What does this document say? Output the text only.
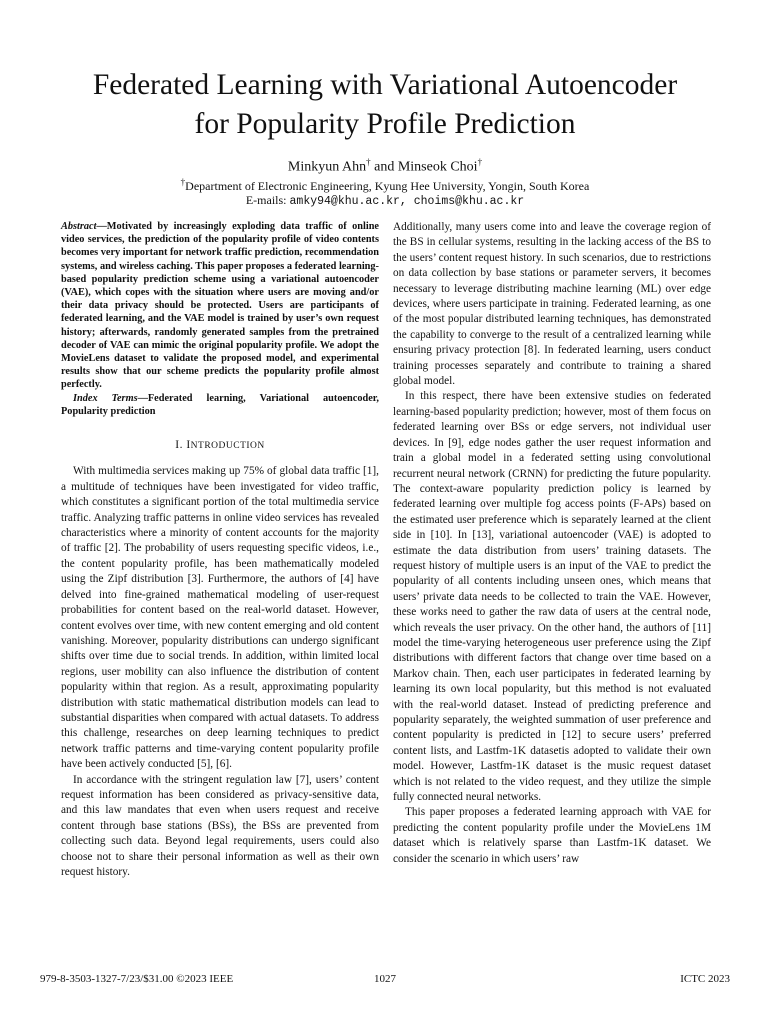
Federated Learning with Variational Autoencoder
for Popularity Profile Prediction
Minkyun Ahn† and Minseok Choi†
†Department of Electronic Engineering, Kyung Hee University, Yongin, South Korea
E-mails: amky94@khu.ac.kr, choims@khu.ac.kr

Abstract—Motivated by increasingly exploding data traffic of online video services, the prediction of the popularity profile of video contents becomes very important for network traffic prediction, recommendation systems, and wireless caching. This paper proposes a federated learning-based popularity prediction scheme using a variational autoencoder (VAE), which copes with the situation where users are moving and/or their data privacy should be protected. Users are participants of federated learning, and the VAE model is trained by user’s own request history; afterwards, randomly generated samples from the pretrained decoder of VAE can mimic the original popularity profile. We adopt the MovieLens dataset to validate the proposed model, and experimental results show that our scheme predicts the popularity profile almost perfectly.

Index Terms—Federated learning, Variational autoencoder, Popularity prediction

I. INTRODUCTION

With multimedia services making up 75% of global data traffic [1], a multitude of techniques have been investigated for video traffic, which constitutes a significant portion of the total multimedia service traffic. Analyzing traffic patterns in online video services has revealed characteristics where a minority of content accounts for the majority of traffic [2]. The probability of users requesting specific videos, i.e., the content popularity profile, has been mathematically modeled using the Zipf distribution [3]. Furthermore, the authors of [4] have delved into fine-grained mathematical modeling of user-request probabilities for content based on the real-world dataset. However, content evolves over time, with new content emerging and old content vanishing. Moreover, popularity distributions can undergo significant shifts over time due to social trends. In addition, within limited local regions, user mobility can also influence the distribution of content popularity within that region. As a result, approximating popularity distribution with static mathematical distribution models can lead to substantial disparities when compared with actual datasets. To address this challenge, researches on deep learning techniques to predict network traffic patterns and time-varying content popularity profile have been actively conducted [5], [6].

In accordance with the stringent regulation law [7], users’ content request information has been considered as privacy-sensitive data, and this law mandates that even when users request and receive content through base stations (BSs), the BSs are prevented from collecting such data. Beyond legal requirements, users could also choose not to share their personal information as well as their own request history.

Additionally, many users come into and leave the coverage region of the BS in cellular systems, resulting in the lacking access of the BS to the users’ content request history. In such scenarios, due to restrictions on data collection by base stations or parameter servers, it becomes necessary to leverage distributing machine learning (ML) over edge devices, where users participate in training. Federated learning, as one of the most popular distributed learning techniques, has demonstrated the capability to converge to the result of a centralized learning while ensuring privacy protection [8]. In federated learning, users conduct training processes separately and contribute to training a shared global model.

In this respect, there have been extensive studies on federated learning-based popularity prediction; however, most of them focus on federated learning over BSs or edge servers, not individual user devices. In [9], edge nodes gather the user request information and train a global model in a federated setting using convolutional recurrent neural network (CRNN) for predicting the future popularity. The context-aware popularity prediction policy is learned by federated learning over multiple fog access points (F-APs) based on the estimated user preference which is separately learned at the client side in [10]. In [13], variational autoencoder (VAE) is adopted to estimate the data distribution from users’ training datasets. The request history of multiple users is an input of the VAE to predict the popularity of all contents including unseen ones, which means that users’ private data needs to be collected to train the VAE. However, these works need to gather the raw data of users at the central node, which reveals the user privacy. On the other hand, the authors of [11] model the time-varying heterogeneous user preference using the Zipf distributions with different factors that change over time based on a Markov chain. Then, each user participates in federated learning by learning its own local popularity, but this method is not evaluated with the real-world dataset. Instead of predicting preference and popularity separately, the weighted summation of user preference and content popularity is predicted in [12] to secure users’ preferred content lists, and Lastfm-1K datasetis adopted to validate their own model. However, Lastfm-1K dataset is the music request dataset which is not related to the video request, and they utilize the simple fully connected neural networks.

This paper proposes a federated learning approach with VAE for predicting the content popularity profile under the MovieLens 1M dataset which is relatively sparse than Lastfm-1K dataset. We consider the scenario in which users’ raw

979-8-3503-1327-7/23/$31.00 ©2023 IEEE	1027	ICTC 2023
